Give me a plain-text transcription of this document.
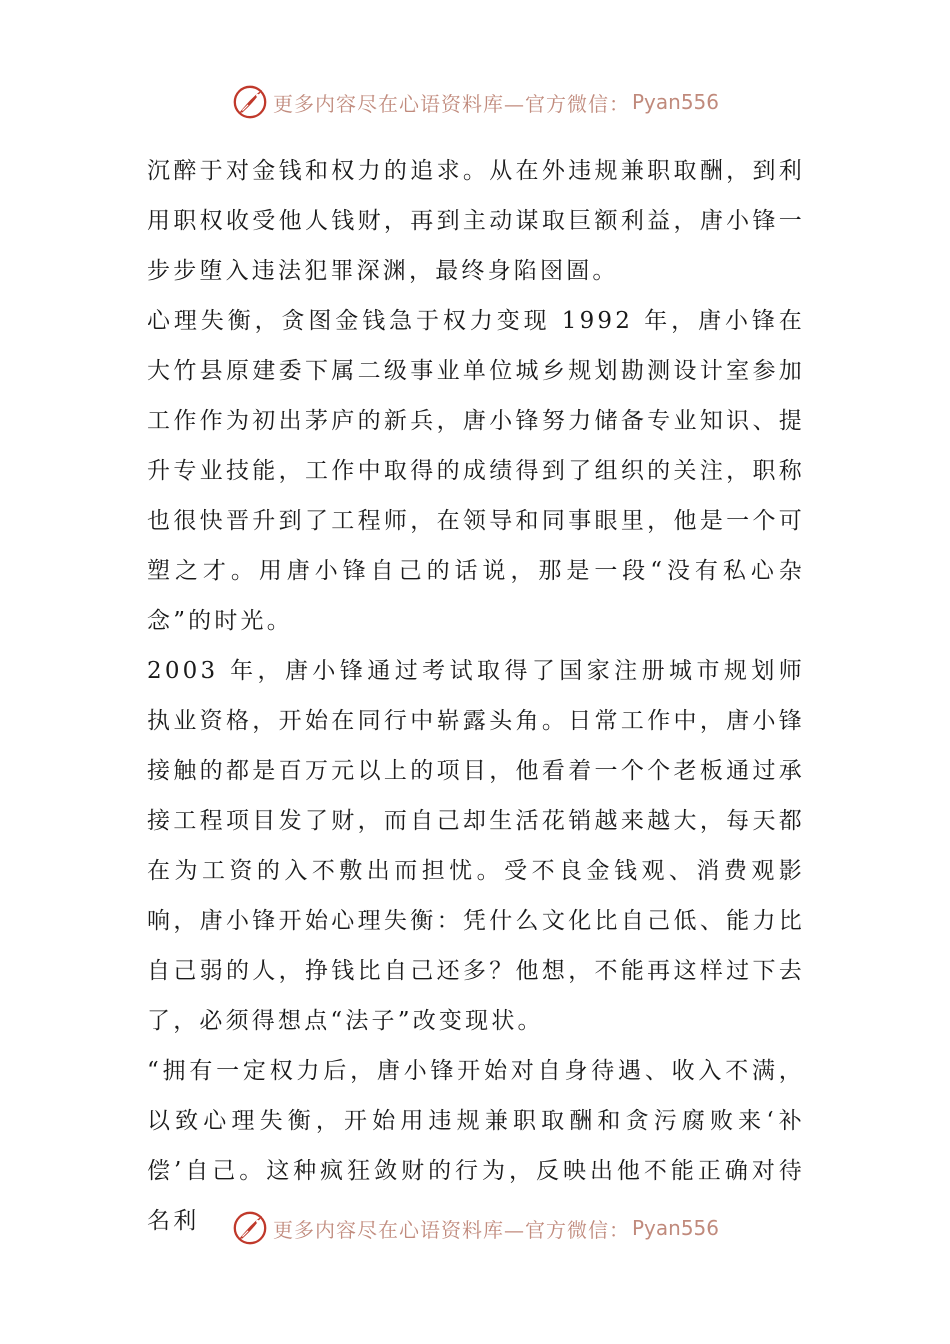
更多内容尽在心语资料库—官方微信： Pyan556

沉醉于对金钱和权力的追求。从在外违规兼职取酬，到利用职权收受他人钱财，再到主动谋取巨额利益，唐小锋一步步堕入违法犯罪深渊，最终身陷囹圄。

心理失衡，贪图金钱急于权力变现 1992 年，唐小锋在大竹县原建委下属二级事业单位城乡规划勘测设计室参加工作作为初出茅庐的新兵，唐小锋努力储备专业知识、提升专业技能，工作中取得的成绩得到了组织的关注，职称也很快晋升到了工程师，在领导和同事眼里，他是一个可塑之才。用唐小锋自己的话说，那是一段“没有私心杂念”的时光。

2003 年，唐小锋通过考试取得了国家注册城市规划师执业资格，开始在同行中崭露头角。日常工作中，唐小锋接触的都是百万元以上的项目，他看着一个个老板通过承接工程项目发了财，而自己却生活花销越来越大，每天都在为工资的入不敷出而担忧。受不良金钱观、消费观影响，唐小锋开始心理失衡：凭什么文化比自己低、能力比自己弱的人，挣钱比自己还多？他想，不能再这样过下去了，必须得想点“法子”改变现状。

“拥有一定权力后，唐小锋开始对自身待遇、收入不满，以致心理失衡，开始用违规兼职取酬和贪污腐败来‘补偿’自己。这种疯狂敛财的行为，反映出他不能正确对待名利	更多内容尽在心语资料库—官方微信： Pyan556
